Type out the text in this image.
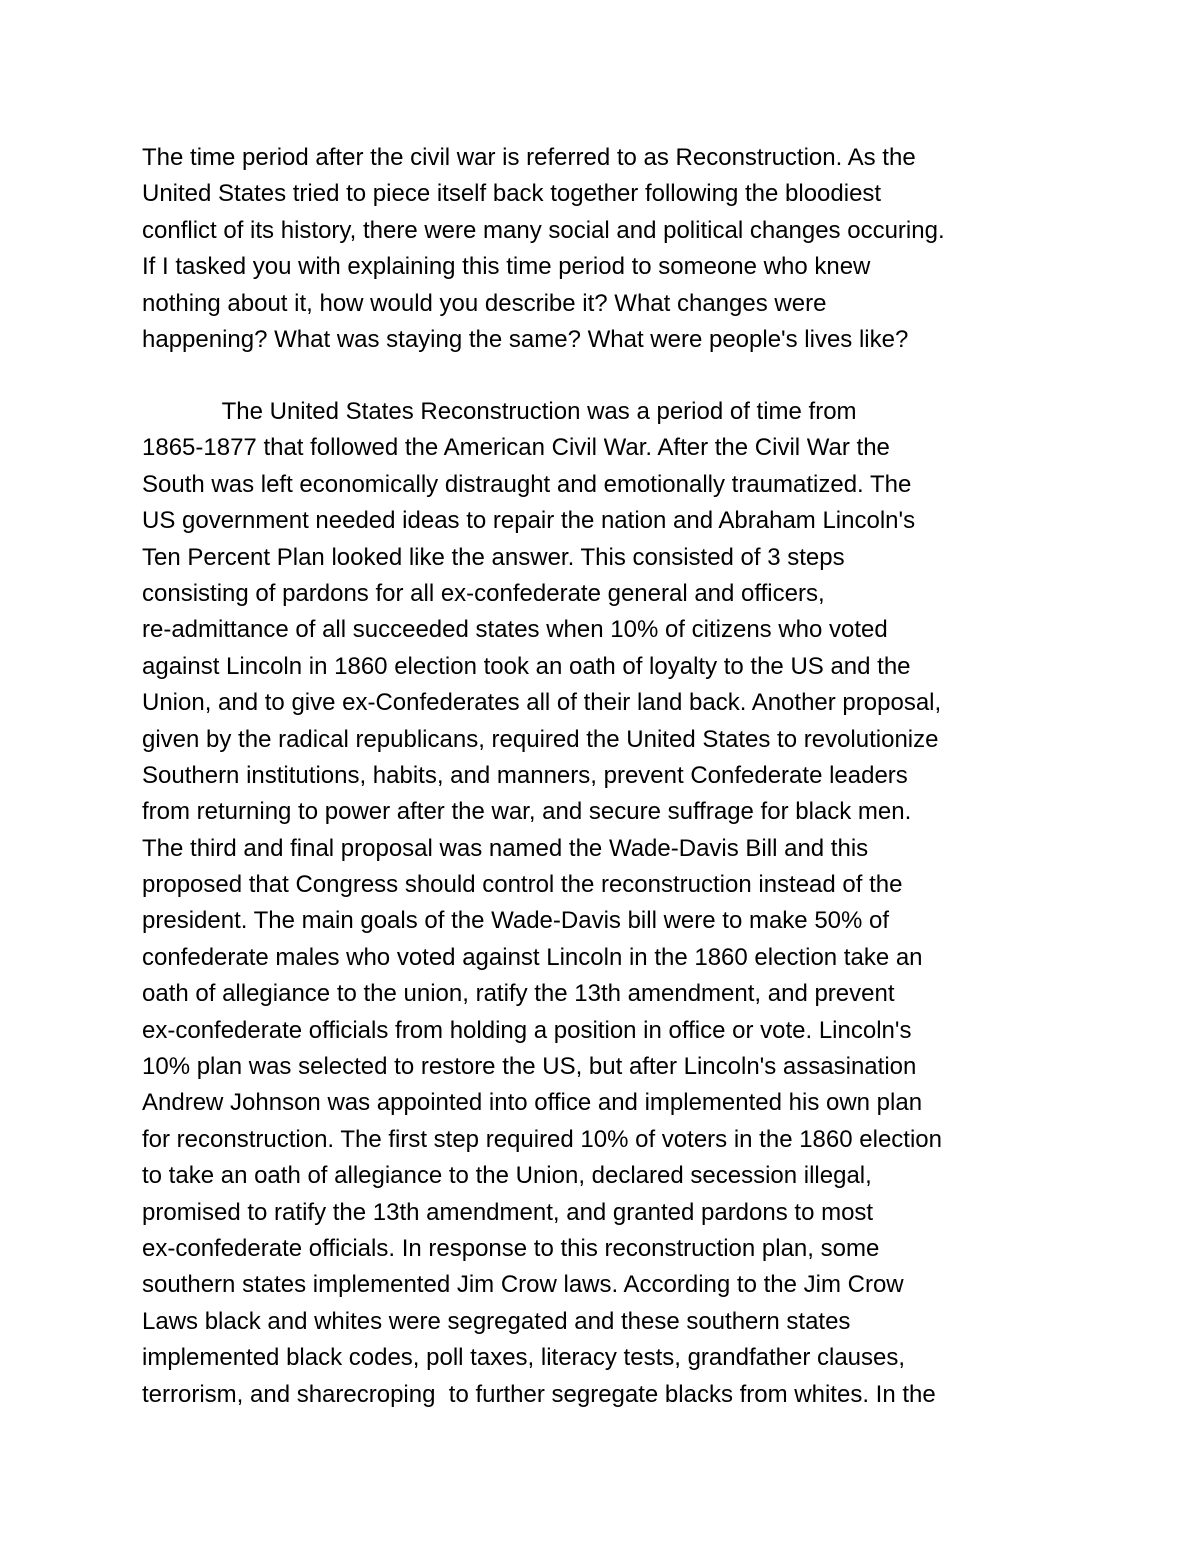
The time period after the civil war is referred to as Reconstruction. As the
United States tried to piece itself back together following the bloodiest
conflict of its history, there were many social and political changes occuring.
If I tasked you with explaining this time period to someone who knew
nothing about it, how would you describe it? What changes were
happening? What was staying the same? What were people's lives like?
The United States Reconstruction was a period of time from
1865-1877 that followed the American Civil War. After the Civil War the
South was left economically distraught and emotionally traumatized. The
US government needed ideas to repair the nation and Abraham Lincoln's
Ten Percent Plan looked like the answer. This consisted of 3 steps
consisting of pardons for all ex-confederate general and officers,
re-admittance of all succeeded states when 10% of citizens who voted
against Lincoln in 1860 election took an oath of loyalty to the US and the
Union, and to give ex-Confederates all of their land back. Another proposal,
given by the radical republicans, required the United States to revolutionize
Southern institutions, habits, and manners, prevent Confederate leaders
from returning to power after the war, and secure suffrage for black men.
The third and final proposal was named the Wade-Davis Bill and this
proposed that Congress should control the reconstruction instead of the
president. The main goals of the Wade-Davis bill were to make 50% of
confederate males who voted against Lincoln in the 1860 election take an
oath of allegiance to the union, ratify the 13th amendment, and prevent
ex-confederate officials from holding a position in office or vote. Lincoln's
10% plan was selected to restore the US, but after Lincoln's assasination
Andrew Johnson was appointed into office and implemented his own plan
for reconstruction. The first step required 10% of voters in the 1860 election
to take an oath of allegiance to the Union, declared secession illegal,
promised to ratify the 13th amendment, and granted pardons to most
ex-confederate officials. In response to this reconstruction plan, some
southern states implemented Jim Crow laws. According to the Jim Crow
Laws black and whites were segregated and these southern states
implemented black codes, poll taxes, literacy tests, grandfather clauses,
terrorism, and sharecroping  to further segregate blacks from whites. In the
